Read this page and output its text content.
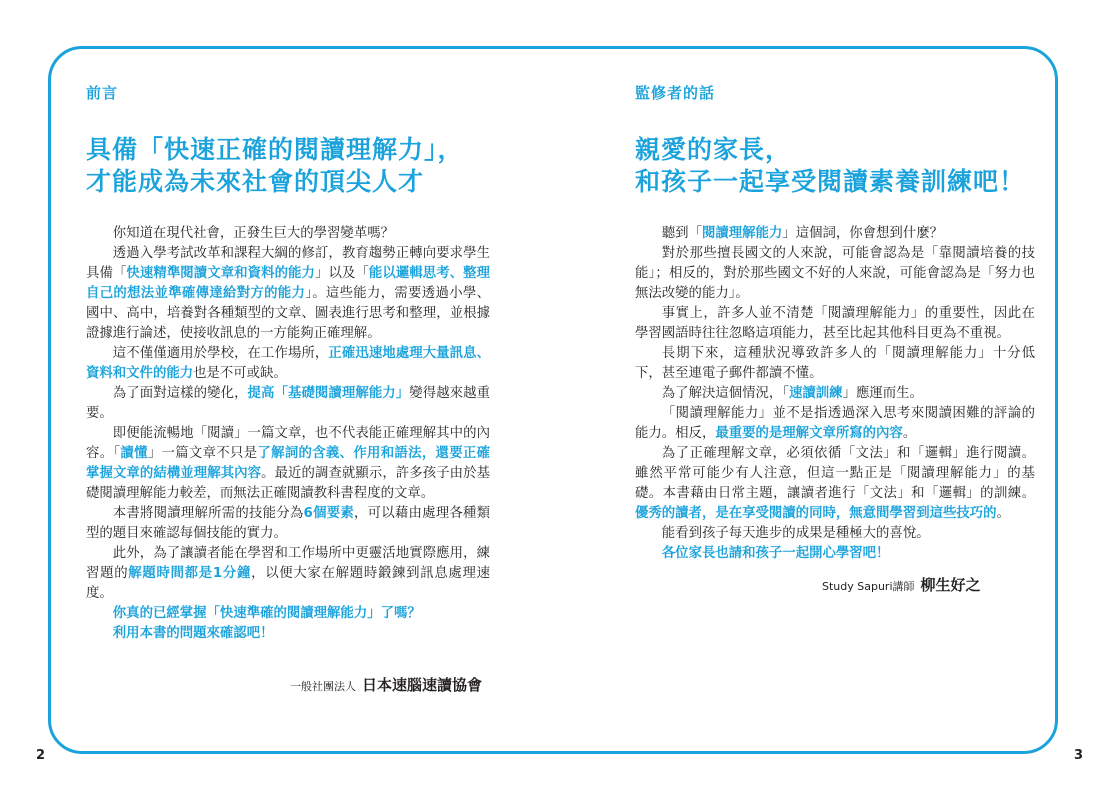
前言
具備「快速正確的閱讀理解力」，
才能成為未來社會的頂尖人才

你知道在現代社會，正發生巨大的學習變革嗎？

透過入學考試改革和課程大綱的修訂，教育趨勢正轉向要求學生具備「快速精準閱讀文章和資料的能力」以及「能以邏輯思考、整理自己的想法並準確傳達給對方的能力」。這些能力，需要透過小學、國中、高中，培養對各種類型的文章、圖表進行思考和整理，並根據證據進行論述，使接收訊息的一方能夠正確理解。

這不僅僅適用於學校，在工作場所，正確迅速地處理大量訊息、資料和文件的能力也是不可或缺。

為了面對這樣的變化，提高「基礎閱讀理解能力」變得越來越重要。

即便能流暢地「閱讀」一篇文章，也不代表能正確理解其中的內容。「讀懂」一篇文章不只是了解詞的含義、作用和語法，還要正確掌握文章的結構並理解其內容。最近的調查就顯示，許多孩子由於基礎閱讀理解能力較差，而無法正確閱讀教科書程度的文章。

本書將閱讀理解所需的技能分為6個要素，可以藉由處理各種類型的題目來確認每個技能的實力。

此外，為了讓讀者能在學習和工作場所中更靈活地實際應用，練習題的解題時間都是1分鐘，以便大家在解題時鍛鍊到訊息處理速度。

你真的已經掌握「快速準確的閱讀理解能力」了嗎？

利用本書的問題來確認吧！

一般社團法人 日本速腦速讀協會
2
監修者的話
親愛的家長，
和孩子一起享受閱讀素養訓練吧！

聽到「閱讀理解能力」這個詞，你會想到什麼？

對於那些擅長國文的人來說，可能會認為是「靠閱讀培養的技能」；相反的，對於那些國文不好的人來說，可能會認為是「努力也無法改變的能力」。

事實上，許多人並不清楚「閱讀理解能力」的重要性，因此在學習國語時往往忽略這項能力，甚至比起其他科目更為不重視。

長期下來，這種狀況導致許多人的「閱讀理解能力」十分低下，甚至連電子郵件都讀不懂。

為了解決這個情況，「速讀訓練」應運而生。

「閱讀理解能力」並不是指透過深入思考來閱讀困難的評論的能力。相反，最重要的是理解文章所寫的內容。

為了正確理解文章，必須依循「文法」和「邏輯」進行閱讀。雖然平常可能少有人注意，但這一點正是「閱讀理解能力」的基礎。本書藉由日常主題，讓讀者進行「文法」和「邏輯」的訓練。優秀的讀者，是在享受閱讀的同時，無意間學習到這些技巧的。

能看到孩子每天進步的成果是種極大的喜悅。

各位家長也請和孩子一起開心學習吧！

Study Sapuri講師 柳生好之
3
